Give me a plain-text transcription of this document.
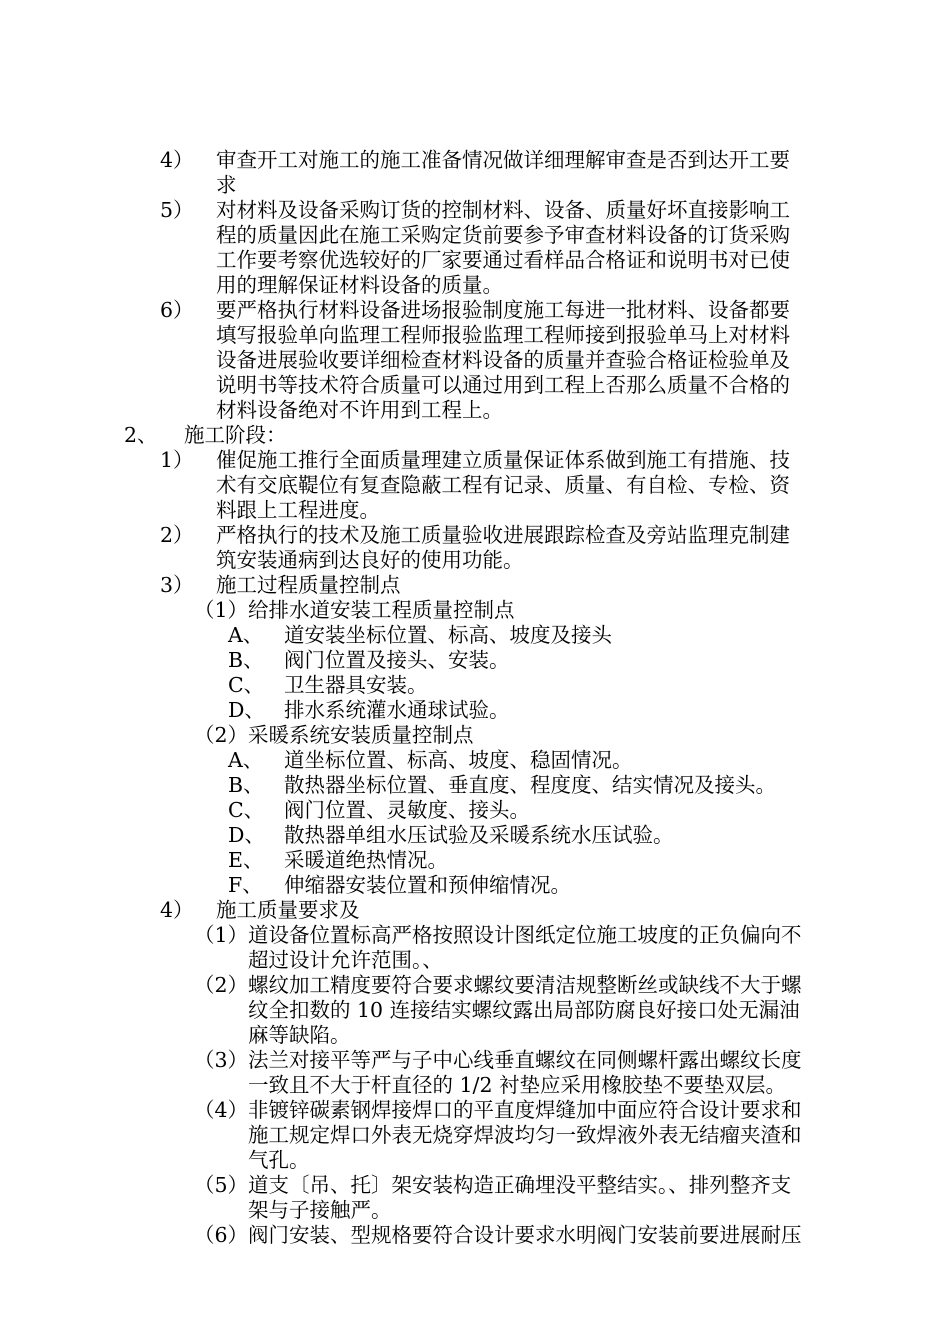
4） 审查开工对施工的施工准备情况做详细理解审查是否到达开工要
求
5） 对材料及设备采购订货的控制材料、设备、质量好坏直接影响工
程的质量因此在施工采购定货前要参予审查材料设备的订货采购
工作要考察优选较好的厂家要通过看样品合格证和说明书对已使
用的理解保证材料设备的质量。
6） 要严格执行材料设备进场报验制度施工每进一批材料、设备都要
填写报验单向监理工程师报验监理工程师接到报验单马上对材料
设备进展验收要详细检查材料设备的质量并查验合格证检验单及
说明书等技术符合质量可以通过用到工程上否那么质量不合格的
材料设备绝对不许用到工程上。
2、 施工阶段：
1） 催促施工推行全面质量理建立质量保证体系做到施工有措施、技
术有交底鞮位有复查隐蔽工程有记录、质量、有自检、专检、资
料跟上工程进度。
2） 严格执行的技术及施工质量验收进展跟踪检查及旁站监理克制建
筑安装通病到达良好的使用功能。
3） 施工过程质量控制点
（1）给排水道安装工程质量控制点
A、 道安装坐标位置、标高、坡度及接头
B、 阀门位置及接头、安装。
C、 卫生器具安装。
D、 排水系统灌水通球试验。
（2）采暖系统安装质量控制点
A、 道坐标位置、标高、坡度、稳固情况。
B、 散热器坐标位置、垂直度、程度度、结实情况及接头。
C、 阀门位置、灵敏度、接头。
D、 散热器单组水压试验及采暖系统水压试验。
E、 采暖道绝热情况。
F、 伸缩器安装位置和预伸缩情况。
4） 施工质量要求及
（1） 道设备位置标高严格按照设计图纸定位施工坡度的正负偏向不
超过设计允许范围。、
（2） 螺纹加工精度要符合要求螺纹要清洁规整断丝或缺线不大于螺
纹全扣数的 10 连接结实螺纹露出局部防腐良好接口处无漏油
麻等缺陷。
（3） 法兰对接平等严与子中心线垂直螺纹在同侧螺杆露出螺纹长度
一致且不大于杆直径的 1/2 衬垫应采用橡胶垫不要垫双层。
（4） 非镀锌碳素钢焊接焊口的平直度焊缝加中面应符合设计要求和
施工规定焊口外表无烧穿焊波均匀一致焊液外表无结瘤夹渣和
气孔。
（5） 道支〔吊、托〕架安装构造正确埋没平整结实。、排列整齐支
架与子接触严。
（6） 阀门安装、型规格要符合设计要求水明阀门安装前要进展耐压
